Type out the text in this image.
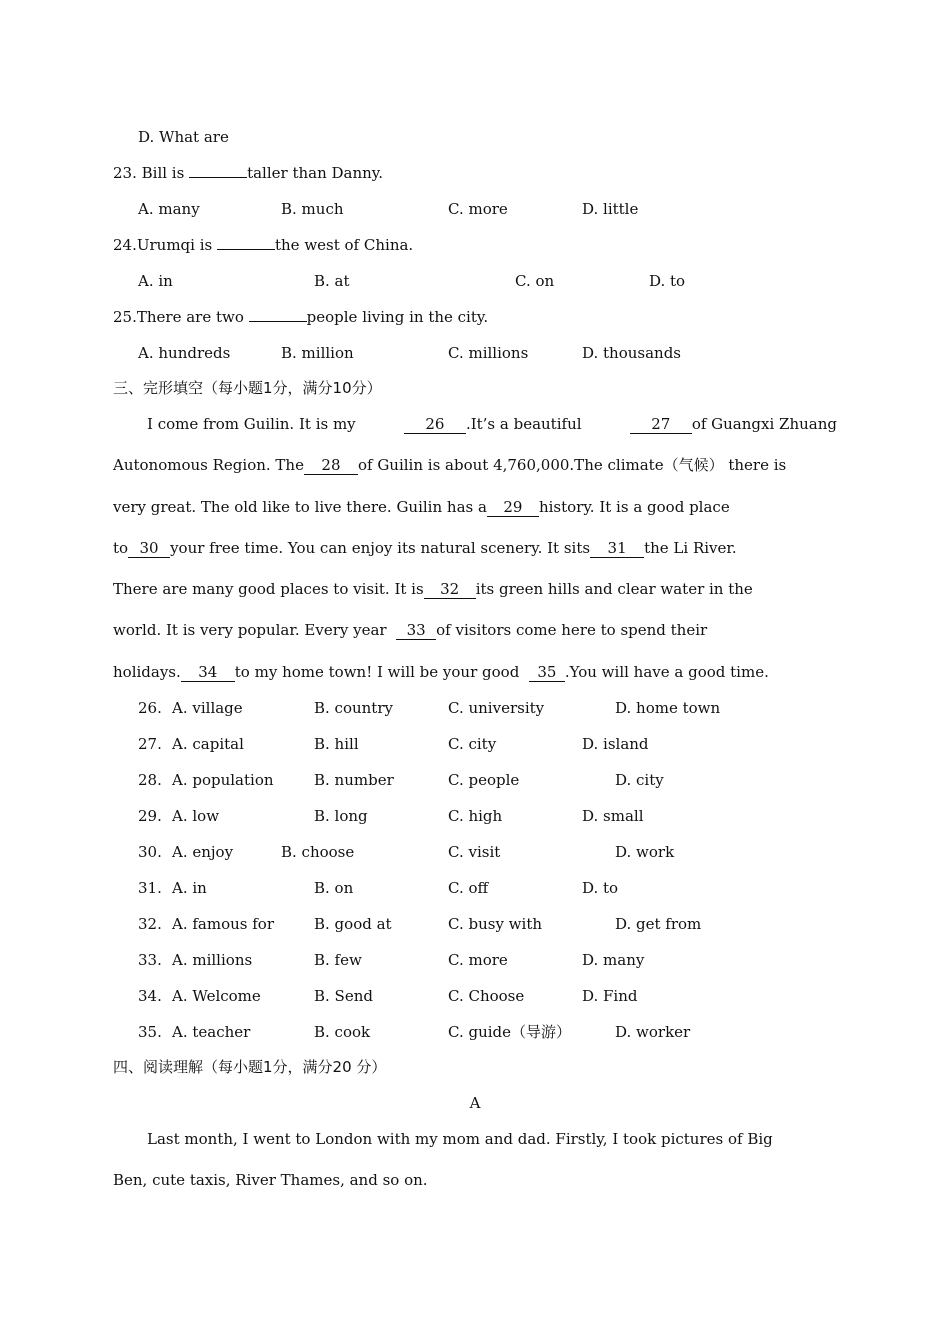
D. What are
23. Bill is	taller than Danny.
A. many	B. much	C. more	D. little
24.Urumqi is	the west of China.
A. in	B. at	C. on	D. to
25.There are two	people living in the city.
A. hundreds	B. million	C. millions	D. thousands
三、完形填空（每小题1分，满分10分）
I come from Guilin. It is my	26 .It’s a beautiful	27 of Guangxi Zhuang
Autonomous Region. The 28 of Guilin is about 4,760,000.The climate（气候） there is
very great. The old like to live there. Guilin has a 29 history. It is a good place
to 30 your free time. You can enjoy its natural scenery. It sits 31 the Li River.
There are many good places to visit. It is 32 its green hills and clear water in the
world. It is very popular. Every year 33 of visitors come here to spend their
holidays. 34 to my home town! I will be your good 35 .You will have a good time.
26. A. village	B. country	C. university	D. home town
27. A. capital	B. hill	C. city	D. island
28. A. population	B. number	C. people	D. city
29. A. low	B. long	C. high	D. small
30. A. enjoy	B. choose	C. visit	D. work
31. A. in	B. on	C. off	D. to
32. A. famous for	B. good at	C. busy with	D. get from
33. A. millions	B. few	C. more	D. many
34. A. Welcome	B. Send	C. Choose	D. Find
35. A. teacher	B. cook	C. guide（导游）	D. worker
四、阅读理解（每小题1分，满分20 分）
A
Last month, I went to London with my mom and dad. Firstly, I took pictures of Big
Ben, cute taxis, River Thames, and so on.
